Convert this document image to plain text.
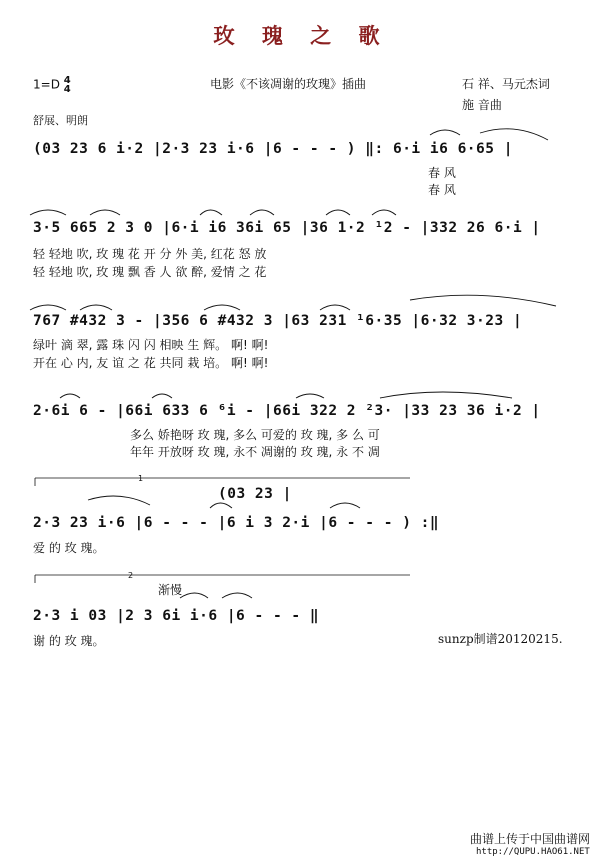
玫 瑰 之 歌
1=D 4
4	电影《不该凋谢的玫瑰》插曲	石 祥、马元杰词
施 音曲
舒展、明朗
1
2
(03 23 6 i·2 |2·3 23 i·6 |6 - - - ) ‖: 6·i i6 6·65 |
春 风
春 风
3·5 665 2 3 0 |6·i i6 36i 65 |36 1·2 ¹2 - |332 26 6·i |
轻 轻地 吹, 玫 瑰 花 开 分 外 美, 红花 怒 放
轻 轻地 吹, 玫 瑰 飘 香 人 欲 醉, 爱情 之 花
767 #432 3 - |356 6 #432 3 |63 231 ¹6·35 |6·32 3·23 |
绿叶 滴 翠, 露 珠 闪 闪 相映 生 辉。 啊! 啊!
开在 心 内, 友 谊 之 花 共同 栽 培。 啊! 啊!
2·6i 6 - |66i 633 6 ⁶i - |66i 322 2 ²3· |33 23 36 i·2 |
多么 娇艳呀 玫 瑰, 多么 可爱的 玫 瑰, 多 么 可
年年 开放呀 玫 瑰, 永不 凋谢的 玫 瑰, 永 不 凋
(03 23 |
2·3 23 i·6 |6 - - - |6 i 3 2·i |6 - - - ) :‖
爱 的 玫 瑰。
渐慢
2·3 i 03 |2 3 6i i·6 |6 - - - ‖
谢 的 玫 瑰。	sunzp制谱20120215.
曲谱上传于中国曲谱网
http://QUPU.HAO61.NET
